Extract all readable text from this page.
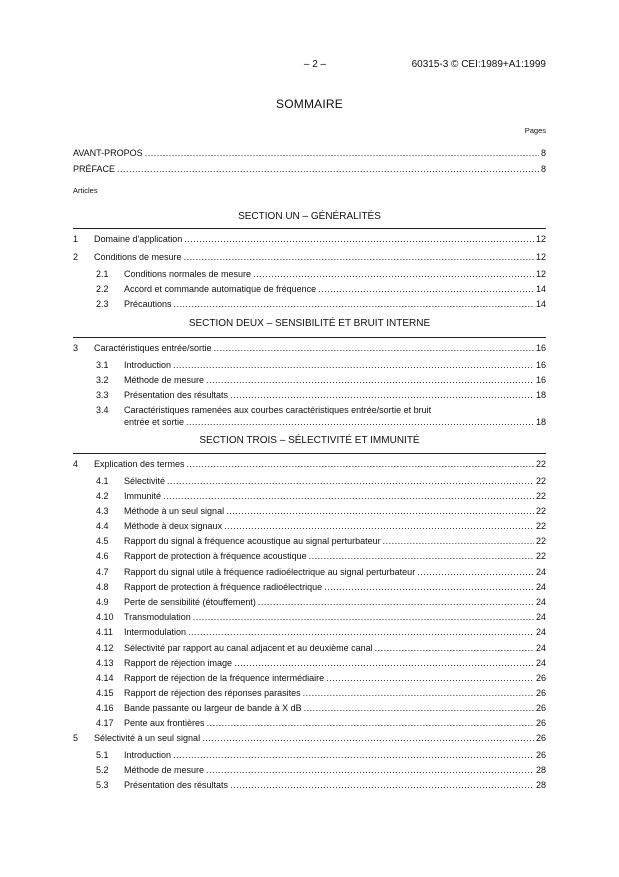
– 2 –	60315-3 © CEI:1989+A1:1999
SOMMAIRE
Pages
AVANT-PROPOS .....	8
PRÉFACE .....	8
Articles
SECTION UN – GÉNÉRALITÉS
1 Domaine d'application .....	12
2 Conditions de mesure .....	12
2.1 Conditions normales de mesure .....	12
2.2 Accord et commande automatique de fréquence .....	14
2.3 Précautions .....	14
SECTION DEUX – SENSIBILITÉ ET BRUIT INTERNE
3 Caractéristiques entrée/sortie .....	16
3.1 Introduction .....	16
3.2 Méthode de mesure .....	16
3.3 Présentation des résultats .....	18
3.4 Caractéristiques ramenées aux courbes caractéristiques entrée/sortie et bruit
entrée et sortie .....	18
SECTION TROIS – SÉLECTIVITÉ ET IMMUNITÉ
4 Explication des termes .....	22
4.1 Sélectivité .....	22
4.2 Immunité .....	22
4.3 Méthode à un seul signal .....	22
4.4 Méthode à deux signaux .....	22
4.5 Rapport du signal à fréquence acoustique au signal perturbateur .....	22
4.6 Rapport de protection à fréquence acoustique .....	22
4.7 Rapport du signal utile à fréquence radioélectrique au signal perturbateur .....	24
4.8 Rapport de protection à fréquence radioélectrique .....	24
4.9 Perte de sensibilité (étouffement) .....	24
4.10 Transmodulation .....	24
4.11 Intermodulation .....	24
4.12 Sélectivité par rapport au canal adjacent et au deuxième canal .....	24
4.13 Rapport de réjection image .....	24
4.14 Rapport de réjection de la fréquence intermédiaire .....	26
4.15 Rapport de réjection des réponses parasites .....	26
4.16 Bande passante ou largeur de bande à X dB .....	26
4.17 Pente aux frontières .....	26
5 Sélectivité à un seul signal .....	26
5.1 Introduction .....	26
5.2 Méthode de mesure .....	28
5.3 Présentation des résultats .....	28
